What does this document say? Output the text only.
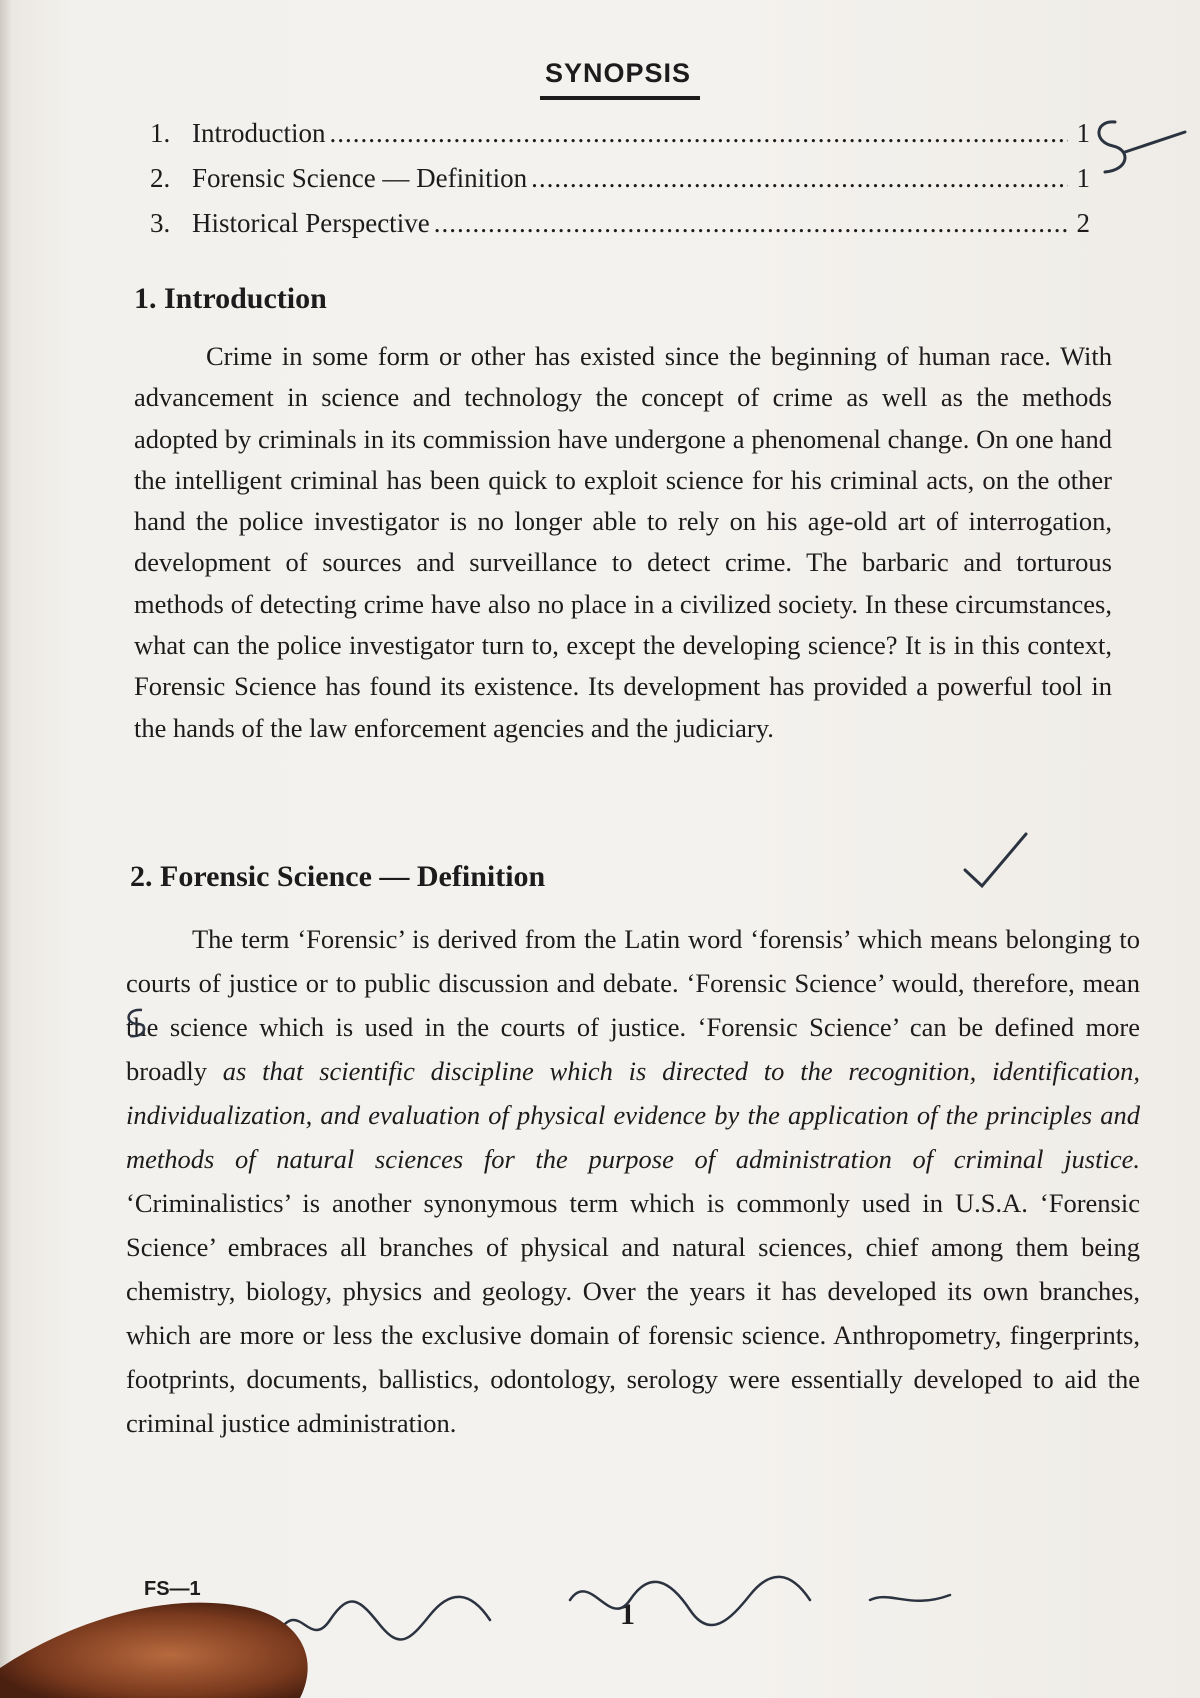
SYNOPSIS
1. Introduction .....	1
2. Forensic Science — Definition .....	1
3. Historical Perspective .....	2
1. Introduction

Crime in some form or other has existed since the beginning of human race. With advancement in science and technology the concept of crime as well as the methods adopted by criminals in its commission have undergone a phenomenal change. On one hand the intelligent criminal has been quick to exploit science for his criminal acts, on the other hand the police investigator is no longer able to rely on his age-old art of interrogation, development of sources and surveillance to detect crime. The barbaric and torturous methods of detecting crime have also no place in a civilized society. In these circumstances, what can the police investigator turn to, except the developing science? It is in this context, Forensic Science has found its existence. Its development has provided a powerful tool in the hands of the law enforcement agencies and the judiciary.

2. Forensic Science — Definition

The term ‘Forensic’ is derived from the Latin word ‘forensis’ which means belonging to courts of justice or to public discussion and debate. ‘Forensic Science’ would, therefore, mean the science which is used in the courts of justice. ‘Forensic Science’ can be defined more broadly as that scientific discipline which is directed to the recognition, identification, individualization, and evaluation of physical evidence by the application of the principles and methods of natural sciences for the purpose of administration of criminal justice. ‘Criminalistics’ is another synonymous term which is commonly used in U.S.A. ‘Forensic Science’ embraces all branches of physical and natural sciences, chief among them being chemistry, biology, physics and geology. Over the years it has developed its own branches, which are more or less the exclusive domain of forensic science. Anthropometry, fingerprints, footprints, documents, ballistics, odontology, serology were essentially developed to aid the criminal justice administration.

FS—1
1
